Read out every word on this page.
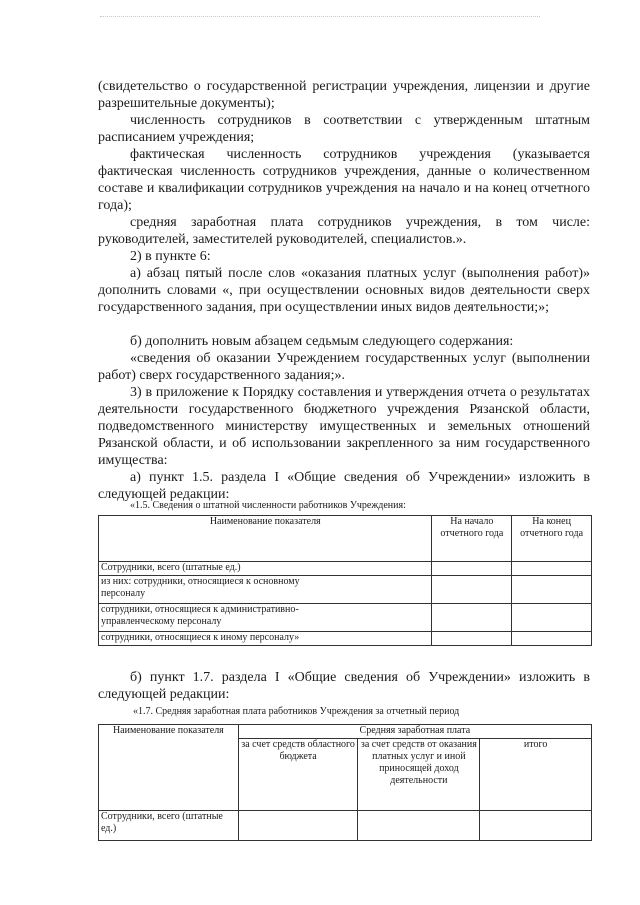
(свидетельство о государственной регистрации учреждения, лицензии и другие разрешительные документы);

численность сотрудников в соответствии с утвержденным штатным расписанием учреждения;

фактическая численность сотрудников учреждения (указывается фактическая численность сотрудников учреждения, данные о количественном составе и квалификации сотрудников учреждения на начало и на конец отчетного года);

средняя заработная плата сотрудников учреждения, в том числе: руководителей, заместителей руководителей, специалистов.».

2) в пункте 6:

а) абзац пятый после слов «оказания платных услуг (выполнения работ)» дополнить словами «, при осуществлении основных видов деятельности сверх государственного задания, при осуществлении иных видов деятельности;»;

б) дополнить новым абзацем седьмым следующего содержания:

«сведения об оказании Учреждением государственных услуг (выполнении работ) сверх государственного задания;».

3) в приложение к Порядку составления и утверждения отчета о результатах деятельности государственного бюджетного учреждения Рязанской области, подведомственного министерству имущественных и земельных отношений Рязанской области, и об использовании закрепленного за ним государственного имущества:

а) пункт 1.5. раздела I «Общие сведения об Учреждении» изложить в следующей редакции:

«1.5. Сведения о штатной численности работников Учреждения:

Наименование показателя	На начало отчетного года	На конец отчетного года
Сотрудники, всего (штатные ед.)		

из них: сотрудники, относящиеся к основному персоналу		

сотрудники, относящиеся к административно-управленческому персоналу		

сотрудники, относящиеся к иному персоналу»		

б) пункт 1.7. раздела I «Общие сведения об Учреждении» изложить в следующей редакции:

«1.7. Средняя заработная плата работников Учреждения за отчетный период

Наименование показателя	Средняя заработная плата		
	за счет средств областного бюджета	за счет средств от оказания платных услуг и иной приносящей доход деятельности	итого
Сотрудники, всего (штатные ед.)			
